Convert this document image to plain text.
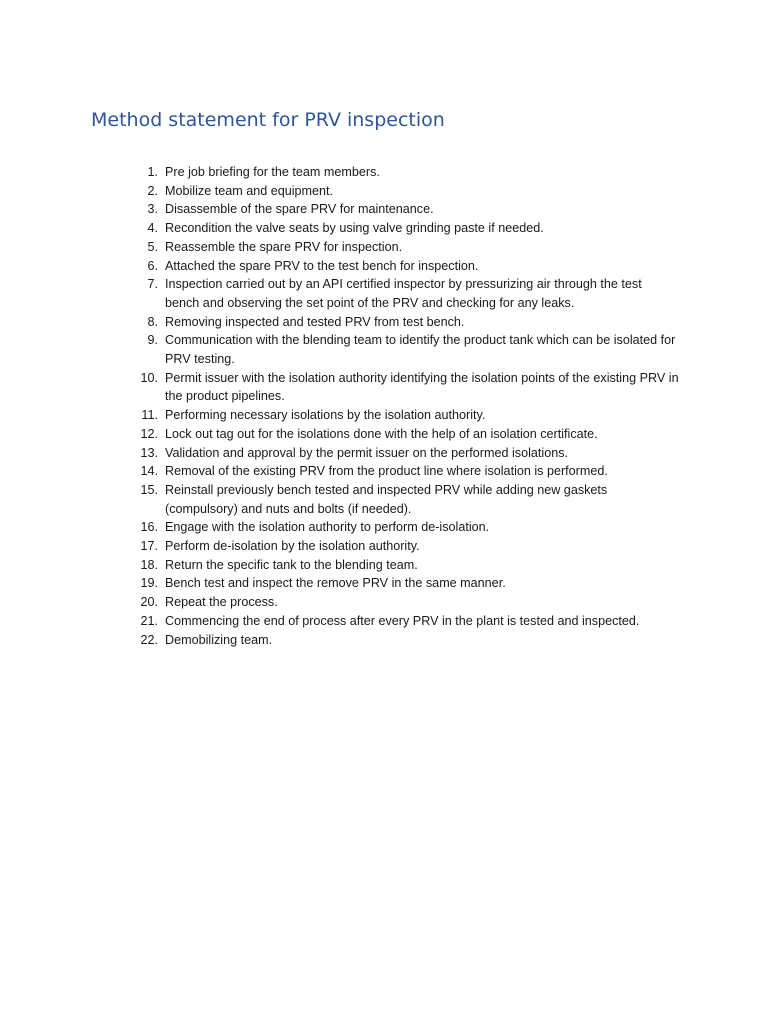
Method statement for PRV inspection
1. Pre job briefing for the team members.
2. Mobilize team and equipment.
3. Disassemble of the spare PRV for maintenance.
4. Recondition the valve seats by using valve grinding paste if needed.
5. Reassemble the spare PRV for inspection.
6. Attached the spare PRV to the test bench for inspection.
7. Inspection carried out by an API certified inspector by pressurizing air through the test bench and observing the set point of the PRV and checking for any leaks.
8. Removing inspected and tested PRV from test bench.
9. Communication with the blending team to identify the product tank which can be isolated for PRV testing.
10. Permit issuer with the isolation authority identifying the isolation points of the existing PRV in the product pipelines.
11. Performing necessary isolations by the isolation authority.
12. Lock out tag out for the isolations done with the help of an isolation certificate.
13. Validation and approval by the permit issuer on the performed isolations.
14. Removal of the existing PRV from the product line where isolation is performed.
15. Reinstall previously bench tested and inspected PRV while adding new gaskets (compulsory) and nuts and bolts (if needed).
16. Engage with the isolation authority to perform de-isolation.
17. Perform de-isolation by the isolation authority.
18. Return the specific tank to the blending team.
19. Bench test and inspect the remove PRV in the same manner.
20. Repeat the process.
21. Commencing the end of process after every PRV in the plant is tested and inspected.
22. Demobilizing team.
